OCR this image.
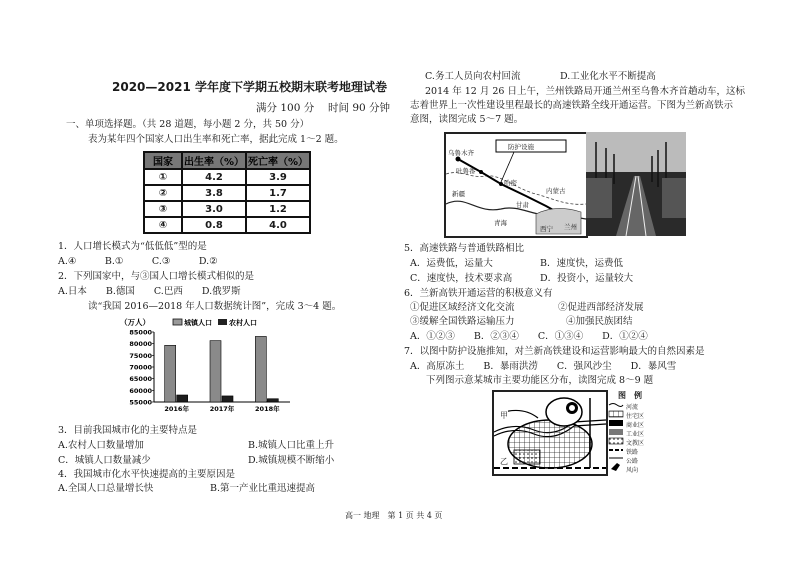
2020—2021 学年度下学期五校期末联考地理试卷
满分 100 分 时间 90 分钟
一、单项选择题。（共 28 道题，每小题 2 分，共 50 分）
表为某年四个国家人口出生率和死亡率，据此完成 1～2 题。
国家	出生率（%）	死亡率（%）
①	4.2	3.9
②	3.8	1.7
③	3.0	1.2
④	0.8	4.0
1．人口增长模式为“低低低”型的是
A.④　　　B.①　　　C.③　　　D.②
2．下列国家中，与③国人口增长模式相似的是
A.日本　　B.德国　　C.巴西　　D.俄罗斯
读“我国 2016—2018 年人口数据统计图”，完成 3～4 题。
（万人）	城镇人口 农村人口
85000
80000
75000
70000
65000
60000
55000
2016年	2017年	2018年
3．目前我国城市化的主要特点是
A.农村人口数量增加	B.城镇人口比重上升
C．城镇人口数量减少	D.城镇规模不断缩小
4．我国城市化水平快速提高的主要原因是
A.全国人口总量增长快	B.第一产业比重迅速提高
C.务工人员向农村回流	D.工业化水平不断提高
2014 年 12 月 26 日上午，兰州铁路局开通兰州至乌鲁木齐首趟动车，这标
志着世界上一次性建设里程最长的高速铁路全线开通运营。下图为兰新高铁示
意图，读图完成 5～7 题。
乌鲁木齐
吐鲁番
哈密
防护设施
内蒙古
新疆
甘肃
青海
西宁 兰州
5．高速铁路与普通铁路相比
A．运费低，运量大	B．速度快，运费低
C．速度快，技术要求高	D．投资小，运量较大
6．兰新高铁开通运营的积极意义有
①促进区域经济文化交流	②促进西部经济发展
③缓解全国铁路运输压力	④加强民族团结
A．①②③　　B．②③④　　C．①③④　　D．①②④
7．以图中防护设施推知，对兰新高铁建设和运营影响最大的自然因素是
A．高原冻土　　B．暴雨洪涝　　C．强风沙尘　　D．暴风雪
下列图示意某城市主要功能区分布，读图完成 8～9 题
甲
乙
图　例
河流
住宅区
商业区
工业区
文教区
铁路
公路
风向
高一 地理　第 1 页 共 4 页
